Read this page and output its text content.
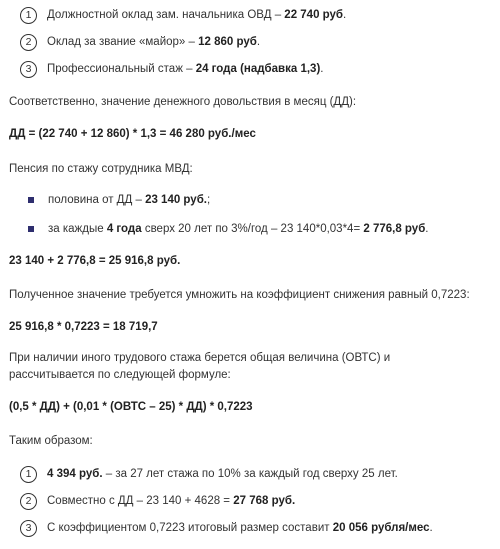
1	Должностной оклад зам. начальника ОВД – 22 740 руб.
2	Оклад за звание «майор» – 12 860 руб.
3	Профессиональный стаж – 24 года (надбавка 1,3).

Соответственно, значение денежного довольствия в месяц (ДД):

ДД = (22 740 + 12 860) * 1,3 = 46 280 руб./мес

Пенсия по стажу сотрудника МВД:

половина от ДД – 23 140 руб.;
за каждые 4 года сверх 20 лет по 3%/год – 23 140*0,03*4= 2 776,8 руб.

23 140 + 2 776,8 = 25 916,8 руб.

Полученное значение требуется умножить на коэффициент снижения равный 0,7223:

25 916,8 * 0,7223 = 18 719,7

При наличии иного трудового стажа берется общая величина (ОВТС) и рассчитывается по следующей формуле:

(0,5 * ДД) + (0,01 * (ОВТС – 25) * ДД) * 0,7223

Таким образом:

1	4 394 руб. – за 27 лет стажа по 10% за каждый год сверху 25 лет.
2	Совместно с ДД – 23 140 + 4628 = 27 768 руб.
3	С коэффициентом 0,7223 итоговый размер составит 20 056 рубля/мес.
